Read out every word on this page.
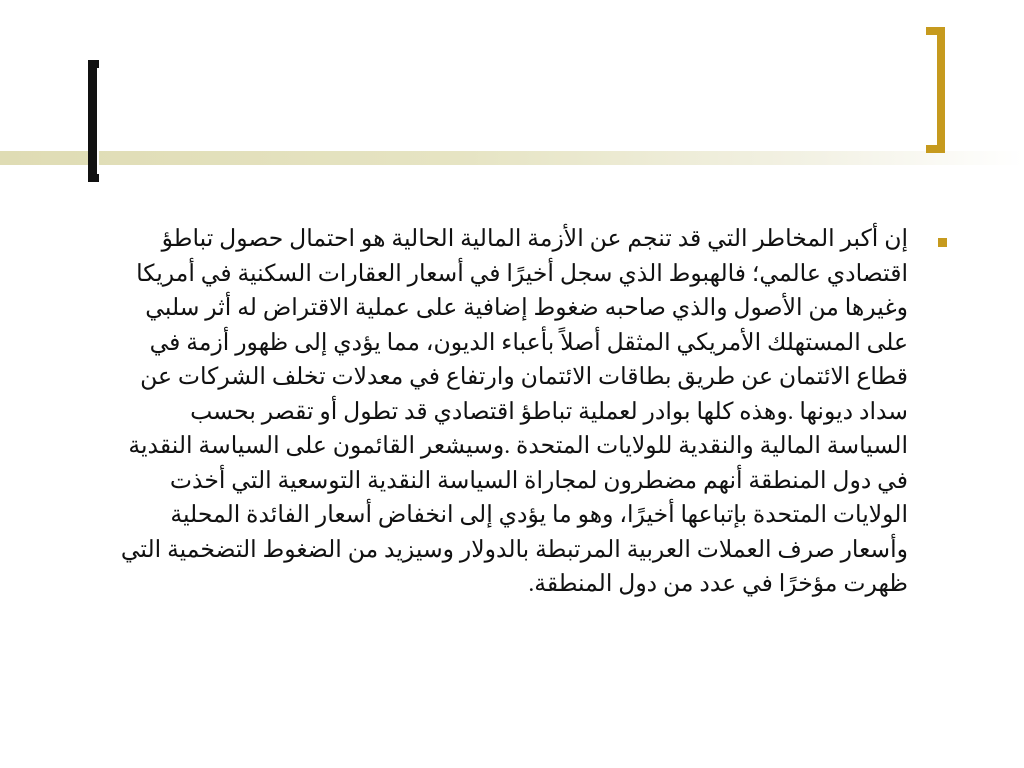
إن أكبر المخاطر التي قد تنجم عن الأزمة المالية الحالية هو احتمال حصول تباطؤ اقتصادي عالمي؛ فالهبوط الذي سجل أخيرًا في أسعار العقارات السكنية في أمريكا وغيرها من الأصول والذي صاحبه ضغوط إضافية على عملية الاقتراض له أثر سلبي على المستهلك الأمريكي المثقل أصلاً بأعباء الديون، مما يؤدي إلى ظهور أزمة في قطاع الائتمان عن طريق بطاقات الائتمان وارتفاع في معدلات تخلف الشركات عن سداد ديونها .وهذه كلها بوادر لعملية تباطؤ اقتصادي قد تطول أو تقصر بحسب السياسة المالية والنقدية للولايات المتحدة .وسيشعر القائمون على السياسة النقدية في دول المنطقة أنهم مضطرون لمجاراة السياسة النقدية التوسعية التي أخذت الولايات المتحدة بإتباعها أخيرًا، وهو ما يؤدي إلى انخفاض أسعار الفائدة المحلية وأسعار صرف العملات العربية المرتبطة بالدولار وسيزيد من الضغوط التضخمية التي ظهرت مؤخرًا في عدد من دول المنطقة.
